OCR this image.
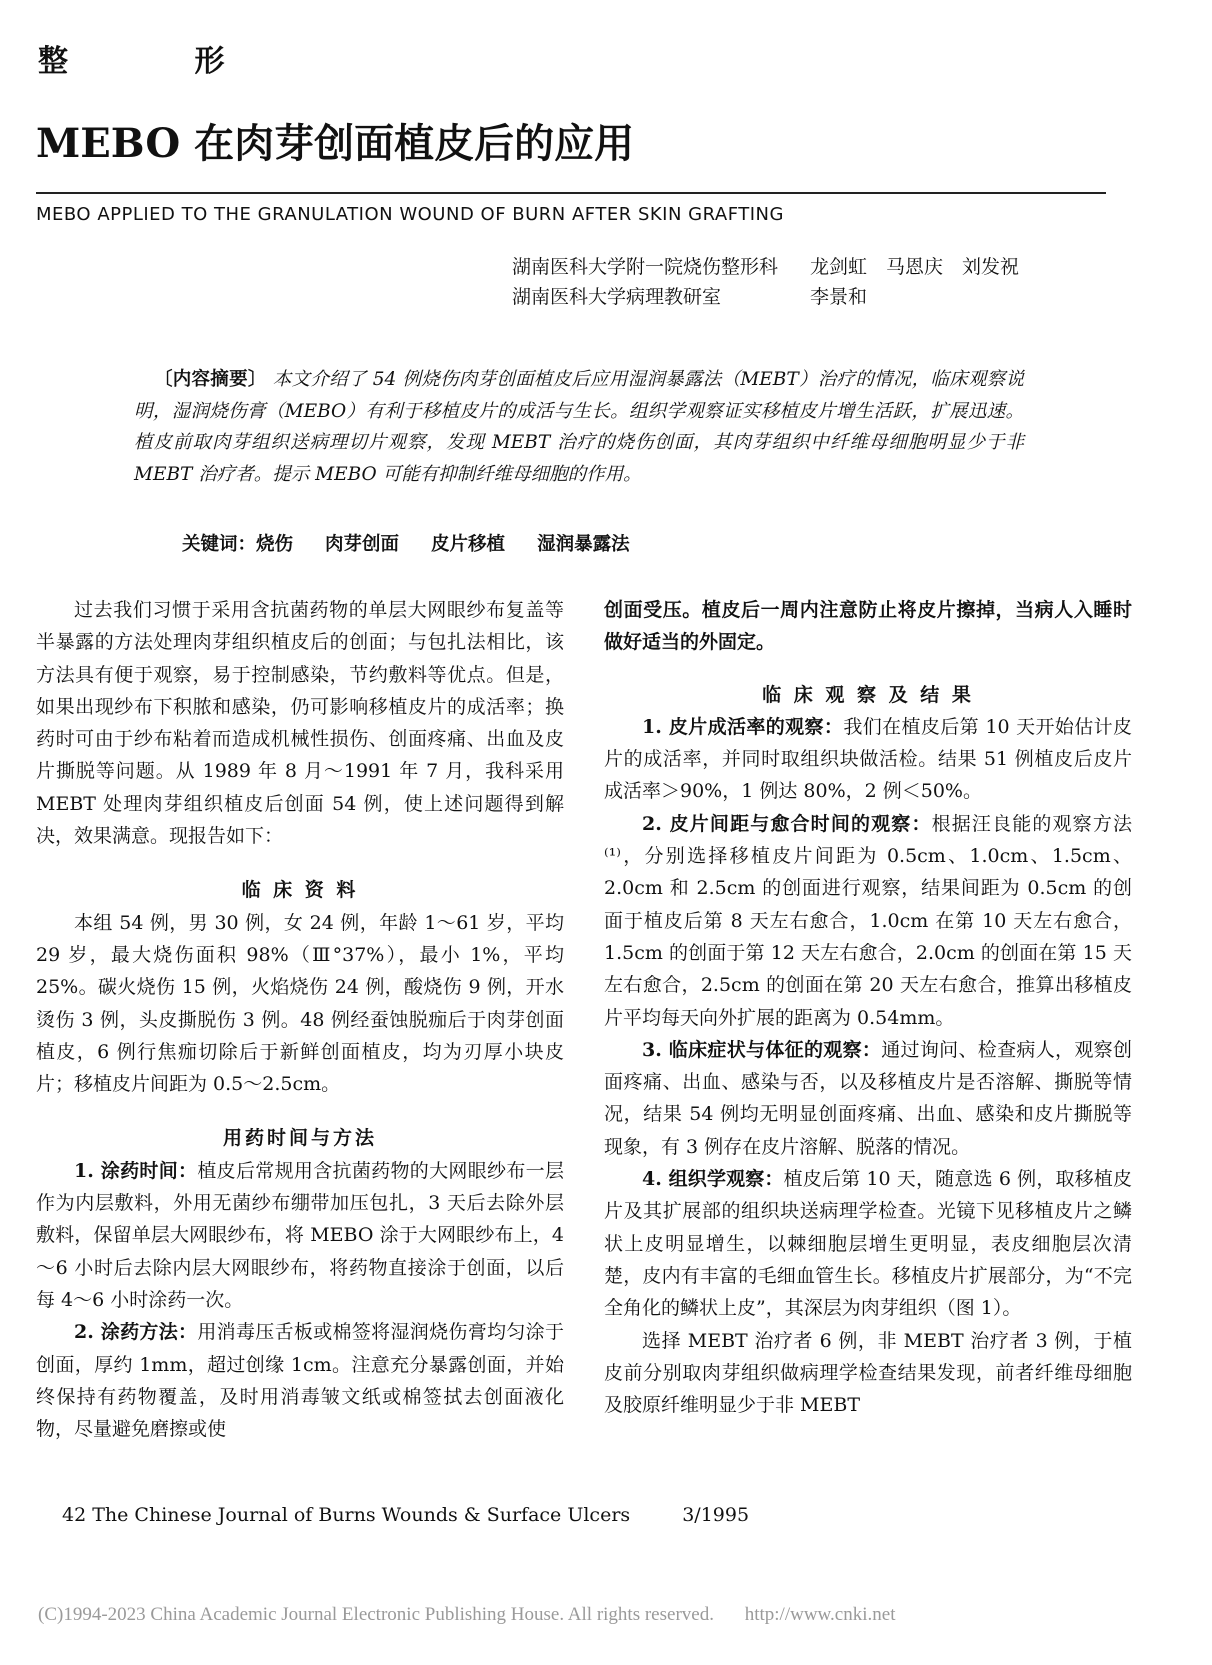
整 形
MEBO 在肉芽创面植皮后的应用
MEBO APPLIED TO THE GRANULATION WOUND OF BURN AFTER SKIN GRAFTING
湖南医科大学附一院烧伤整形科 龙剑虹　马恩庆　刘发祝
湖南医科大学病理教研室	李景和
〔内容摘要〕 本文介绍了 54 例烧伤肉芽创面植皮后应用湿润暴露法（MEBT）治疗的情况，临床观察说明，湿润烧伤膏（MEBO）有利于移植皮片的成活与生长。组织学观察证实移植皮片增生活跃，扩展迅速。植皮前取肉芽组织送病理切片观察，发现 MEBT 治疗的烧伤创面，其肉芽组织中纤维母细胞明显少于非 MEBT 治疗者。提示 MEBO 可能有抑制纤维母细胞的作用。
关键词：烧伤 肉芽创面 皮片移植 湿润暴露法

过去我们习惯于采用含抗菌药物的单层大网眼纱布复盖等半暴露的方法处理肉芽组织植皮后的创面；与包扎法相比，该方法具有便于观察，易于控制感染，节约敷料等优点。但是，如果出现纱布下积脓和感染，仍可影响移植皮片的成活率；换药时可由于纱布粘着而造成机械性损伤、创面疼痛、出血及皮片撕脱等问题。从 1989 年 8 月～1991 年 7 月，我科采用 MEBT 处理肉芽组织植皮后创面 54 例，使上述问题得到解决，效果满意。现报告如下：

临 床 资 料

本组 54 例，男 30 例，女 24 例，年龄 1～61 岁，平均 29 岁，最大烧伤面积 98%（Ⅲ°37%），最小 1%，平均 25%。碳火烧伤 15 例，火焰烧伤 24 例，酸烧伤 9 例，开水烫伤 3 例，头皮撕脱伤 3 例。48 例经蚕蚀脱痂后于肉芽创面植皮，6 例行焦痂切除后于新鲜创面植皮，均为刃厚小块皮片；移植皮片间距为 0.5～2.5cm。

用药时间与方法

1. 涂药时间：植皮后常规用含抗菌药物的大网眼纱布一层作为内层敷料，外用无菌纱布绷带加压包扎，3 天后去除外层敷料，保留单层大网眼纱布，将 MEBO 涂于大网眼纱布上，4～6 小时后去除内层大网眼纱布，将药物直接涂于创面，以后每 4～6 小时涂药一次。

2. 涂药方法：用消毒压舌板或棉签将湿润烧伤膏均匀涂于创面，厚约 1mm，超过创缘 1cm。注意充分暴露创面，并始终保持有药物覆盖，及时用消毒皱文纸或棉签拭去创面液化物，尽量避免磨擦或使

创面受压。植皮后一周内注意防止将皮片擦掉，当病人入睡时做好适当的外固定。

临 床 观 察 及 结 果

1. 皮片成活率的观察：我们在植皮后第 10 天开始估计皮片的成活率，并同时取组织块做活检。结果 51 例植皮后皮片成活率＞90%，1 例达 80%，2 例＜50%。

2. 皮片间距与愈合时间的观察：根据汪良能的观察方法⁽¹⁾，分别选择移植皮片间距为 0.5cm、1.0cm、1.5cm、2.0cm 和 2.5cm 的创面进行观察，结果间距为 0.5cm 的创面于植皮后第 8 天左右愈合，1.0cm 在第 10 天左右愈合，1.5cm 的创面于第 12 天左右愈合，2.0cm 的创面在第 15 天左右愈合，2.5cm 的创面在第 20 天左右愈合，推算出移植皮片平均每天向外扩展的距离为 0.54mm。

3. 临床症状与体征的观察：通过询问、检查病人，观察创面疼痛、出血、感染与否，以及移植皮片是否溶解、撕脱等情况，结果 54 例均无明显创面疼痛、出血、感染和皮片撕脱等现象，有 3 例存在皮片溶解、脱落的情况。

4. 组织学观察：植皮后第 10 天，随意选 6 例，取移植皮片及其扩展部的组织块送病理学检查。光镜下见移植皮片之鳞状上皮明显增生，以棘细胞层增生更明显，表皮细胞层次清楚，皮内有丰富的毛细血管生长。移植皮片扩展部分，为“不完全角化的鳞状上皮”，其深层为肉芽组织（图 1）。

选择 MEBT 治疗者 6 例，非 MEBT 治疗者 3 例，于植皮前分别取肉芽组织做病理学检查结果发现，前者纤维母细胞及胶原纤维明显少于非 MEBT

42 The Chinese Journal of Burns Wounds & Surface Ulcers	3/1995
(C)1994-2023 China Academic Journal Electronic Publishing House. All rights reserved. http://www.cnki.net
